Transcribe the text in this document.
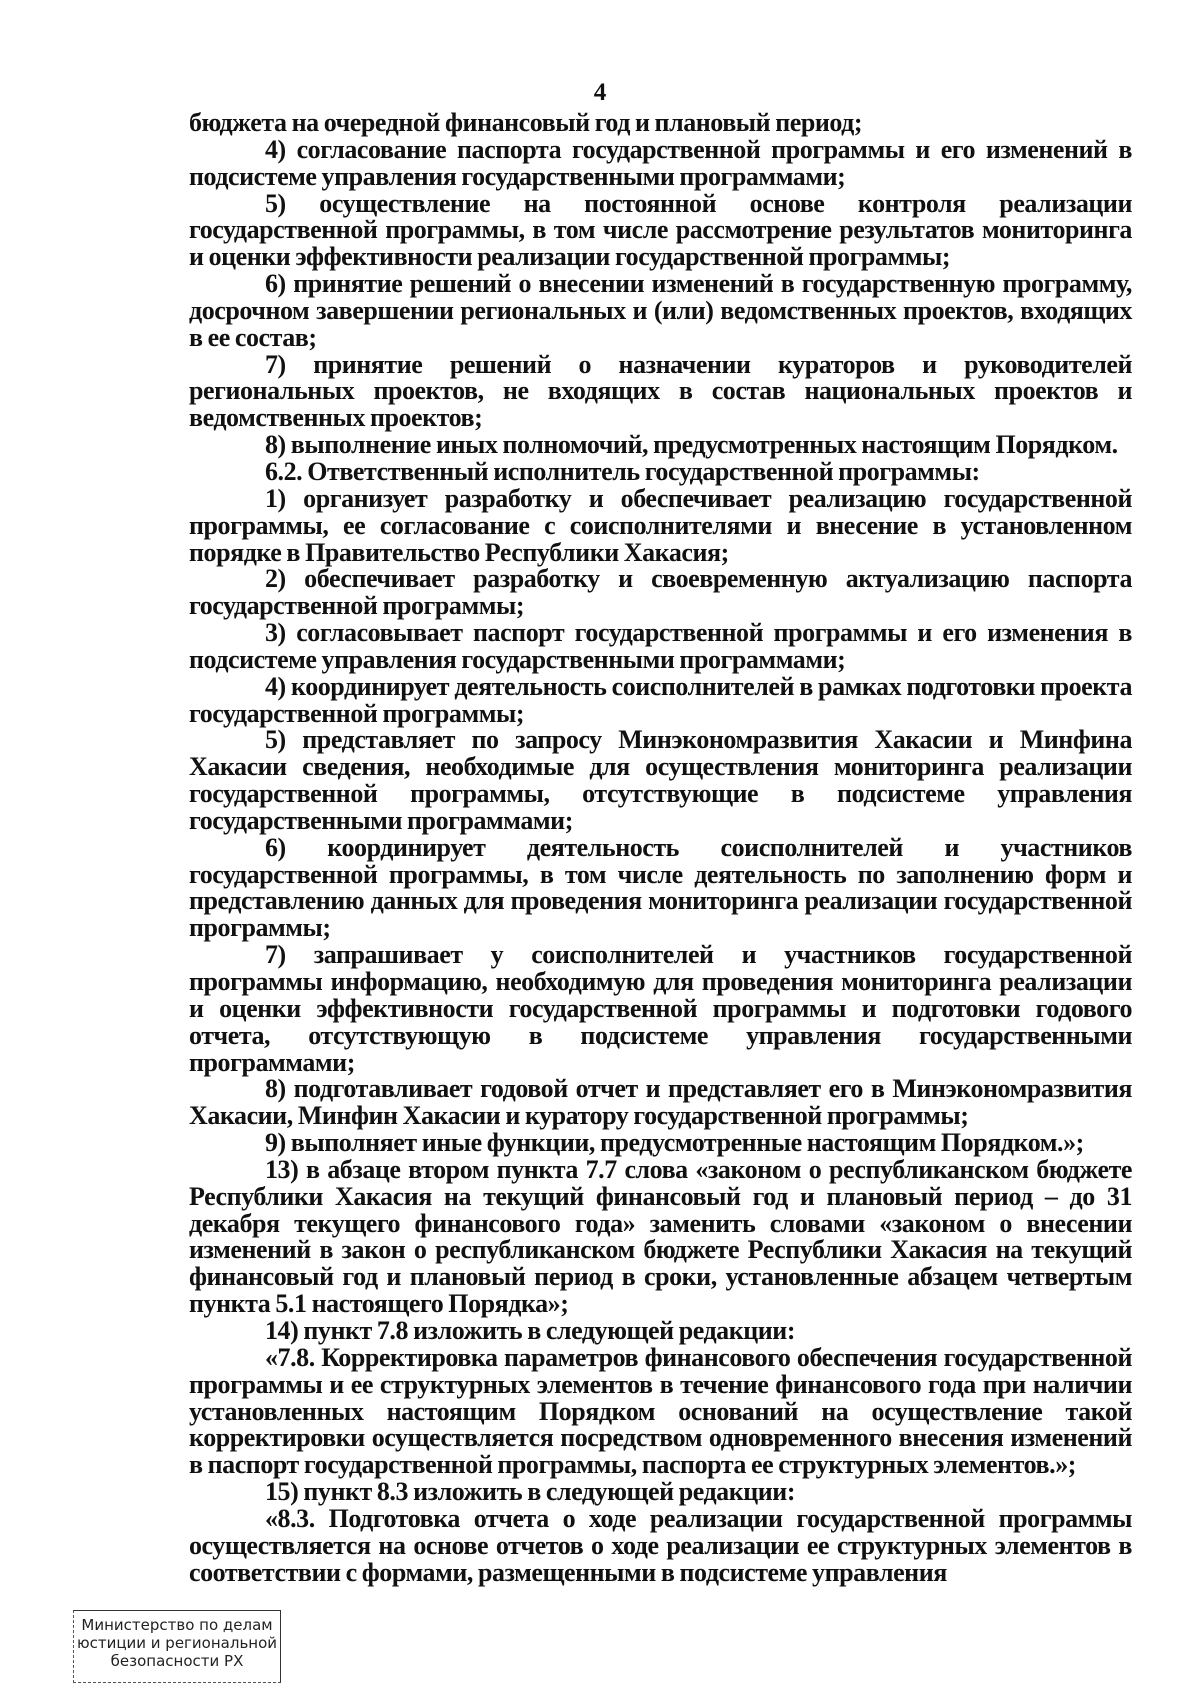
4

бюджета на очередной финансовый год и плановый период;

4) согласование паспорта государственной программы и его изменений в подсистеме управления государственными программами;

5) осуществление на постоянной основе контроля реализации государственной программы, в том числе рассмотрение результатов мониторинга и оценки эффективности реализации государственной программы;

6) принятие решений о внесении изменений в государственную программу, досрочном завершении региональных и (или) ведомственных проектов, входящих в ее состав;

7) принятие решений о назначении кураторов и руководителей региональных проектов, не входящих в состав национальных проектов и ведомственных проектов;

8) выполнение иных полномочий, предусмотренных настоящим Порядком.

6.2. Ответственный исполнитель государственной программы:

1) организует разработку и обеспечивает реализацию государственной программы, ее согласование с соисполнителями и внесение в установленном порядке в Правительство Республики Хакасия;

2) обеспечивает разработку и своевременную актуализацию паспорта государственной программы;

3) согласовывает паспорт государственной программы и его изменения в подсистеме управления государственными программами;

4) координирует деятельность соисполнителей в рамках подготовки проекта государственной программы;

5) представляет по запросу Минэкономразвития Хакасии и Минфина Хакасии сведения, необходимые для осуществления мониторинга реализации государственной программы, отсутствующие в подсистеме управления государственными программами;

6) координирует деятельность соисполнителей и участников государственной программы, в том числе деятельность по заполнению форм и представлению данных для проведения мониторинга реализации государственной программы;

7) запрашивает у соисполнителей и участников государственной программы информацию, необходимую для проведения мониторинга реализации и оценки эффективности государственной программы и подготовки годового отчета, отсутствующую в подсистеме управления государственными программами;

8) подготавливает годовой отчет и представляет его в Минэкономразвития Хакасии, Минфин Хакасии и куратору государственной программы;

9) выполняет иные функции, предусмотренные настоящим Порядком.»;

13) в абзаце втором пункта 7.7 слова «законом о республиканском бюджете Республики Хакасия на текущий финансовый год и плановый период – до 31 декабря текущего финансового года» заменить словами «законом о внесении изменений в закон о республиканском бюджете Республики Хакасия на текущий финансовый год и плановый период в сроки, установленные абзацем четвертым пункта 5.1 настоящего Порядка»;

14) пункт 7.8 изложить в следующей редакции:

«7.8. Корректировка параметров финансового обеспечения государственной программы и ее структурных элементов в течение финансового года при наличии установленных настоящим Порядком оснований на осуществление такой корректировки осуществляется посредством одновременного внесения изменений в паспорт государственной программы, паспорта ее структурных элементов.»;

15) пункт 8.3 изложить в следующей редакции:

«8.3. Подготовка отчета о ходе реализации государственной программы осуществляется на основе отчетов о ходе реализации ее структурных элементов в соответствии с формами, размещенными в подсистеме управления

Министерство по делам
юстиции и региональной
безопасности РХ
